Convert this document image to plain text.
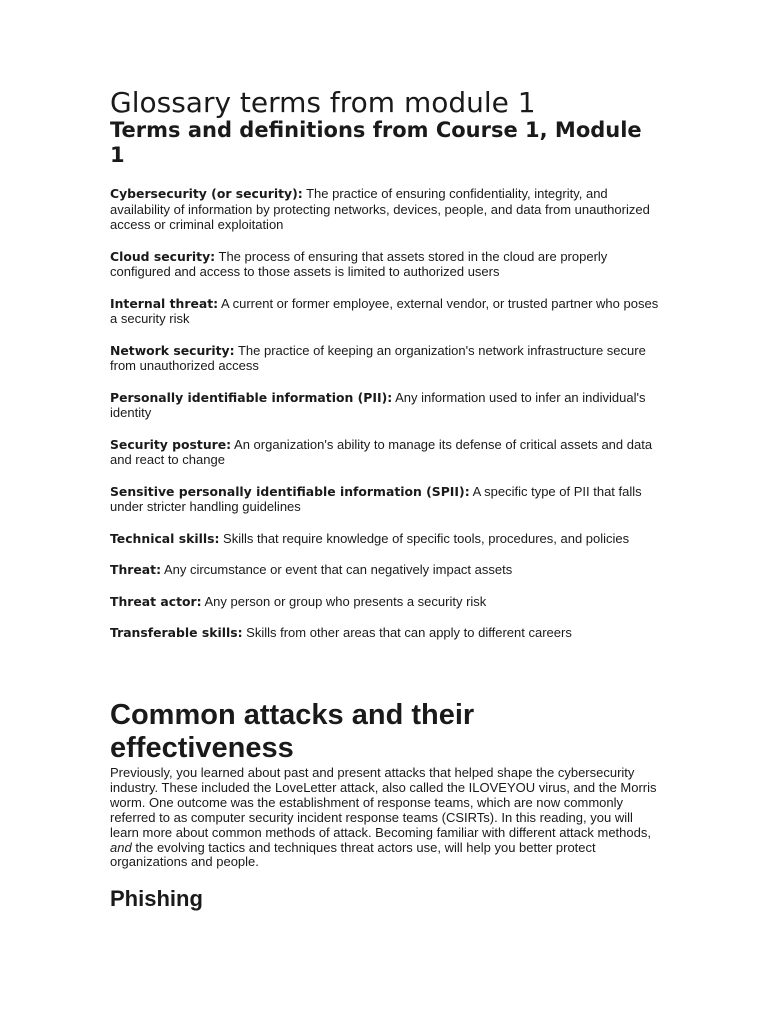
Glossary terms from module 1
Terms and definitions from Course 1, Module 1

Cybersecurity (or security): The practice of ensuring confidentiality, integrity, and availability of information by protecting networks, devices, people, and data from unauthorized access or criminal exploitation

Cloud security: The process of ensuring that assets stored in the cloud are properly configured and access to those assets is limited to authorized users

Internal threat: A current or former employee, external vendor, or trusted partner who poses a security risk

Network security: The practice of keeping an organization's network infrastructure secure from unauthorized access

Personally identifiable information (PII): Any information used to infer an individual's identity

Security posture: An organization's ability to manage its defense of critical assets and data and react to change

Sensitive personally identifiable information (SPII): A specific type of PII that falls under stricter handling guidelines

Technical skills: Skills that require knowledge of specific tools, procedures, and policies

Threat: Any circumstance or event that can negatively impact assets

Threat actor: Any person or group who presents a security risk

Transferable skills: Skills from other areas that can apply to different careers

Common attacks and their effectiveness

Previously, you learned about past and present attacks that helped shape the cybersecurity industry. These included the LoveLetter attack, also called the ILOVEYOU virus, and the Morris worm. One outcome was the establishment of response teams, which are now commonly referred to as computer security incident response teams (CSIRTs). In this reading, you will learn more about common methods of attack. Becoming familiar with different attack methods, and the evolving tactics and techniques threat actors use, will help you better protect organizations and people.

Phishing
